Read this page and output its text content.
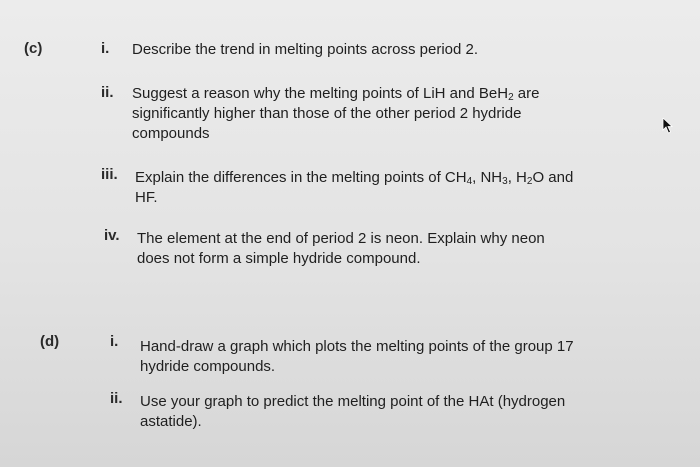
(c)	i. Describe the trend in melting points across period 2.
ii. Suggest a reason why the melting points of LiH and BeH$_2$ are
significantly higher than those of the other period 2 hydride
compounds
iii. Explain the differences in the melting points of $CH_4$, $NH_3$, $H_2O$ and
HF.
iv. The element at the end of period 2 is neon. Explain why neon
does not form a simple hydride compound.
(d)	i. Hand-draw a graph which plots the melting points of the group 17
hydride compounds.
ii. Use your graph to predict the melting point of the HAt (hydrogen
astatide).
